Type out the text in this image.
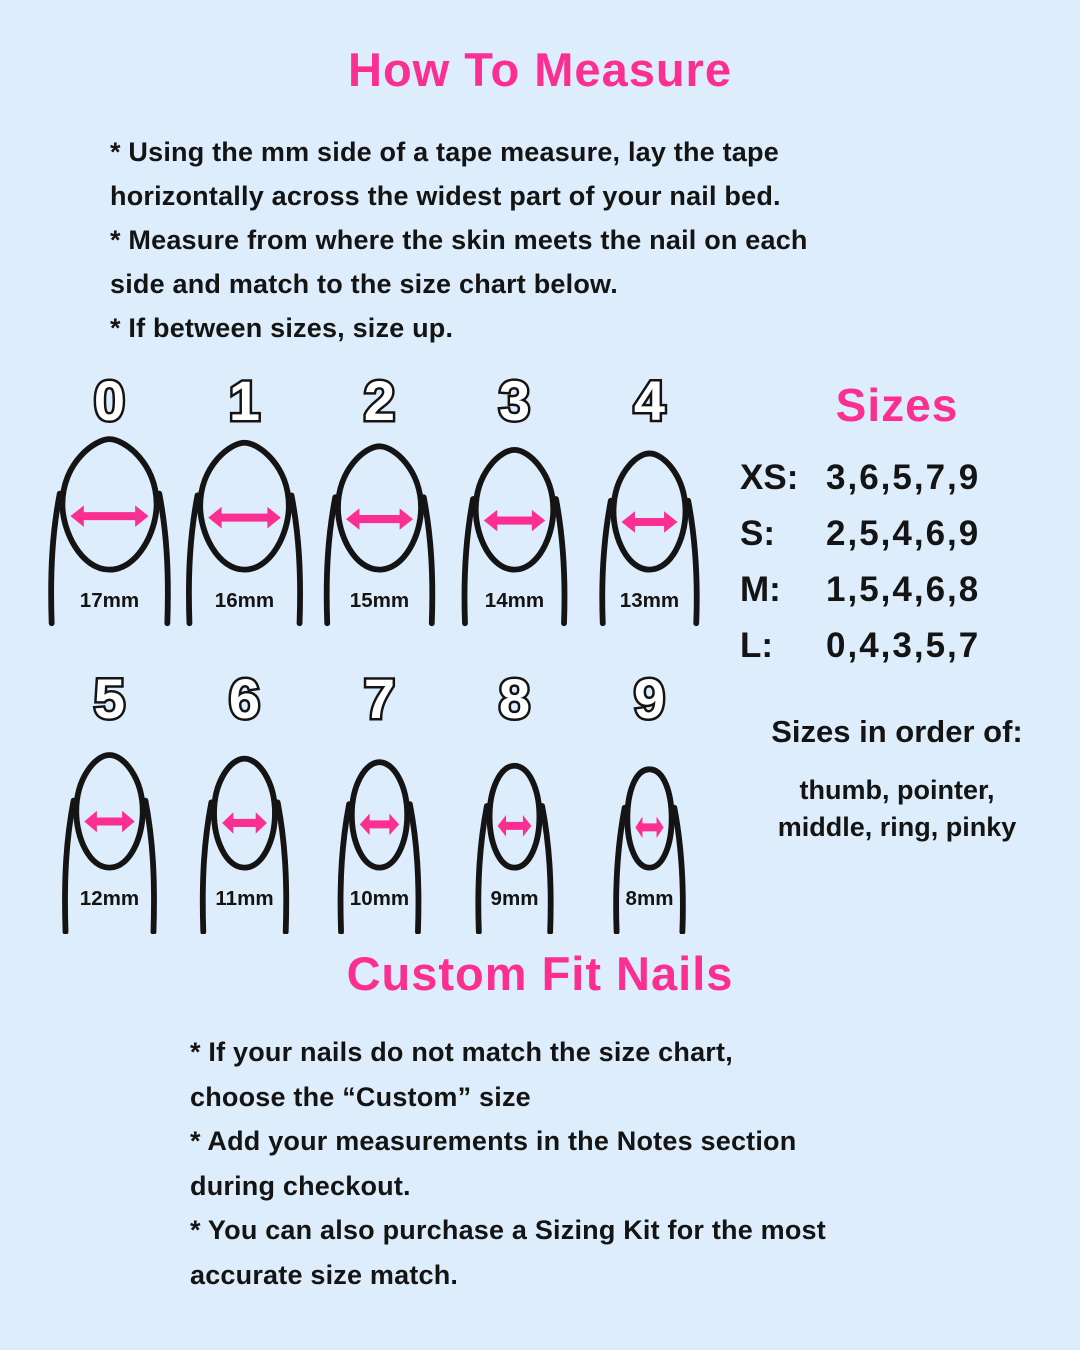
How To Measure
* Using the mm side of a tape measure, lay the tape
horizontally across the widest part of your nail bed.
* Measure from where the skin meets the nail on each
side and match to the size chart below.
* If between sizes, size up.
0
17mm
1
16mm
2
15mm
3
14mm
4
13mm
5
12mm
6
11mm
7
10mm
8
9mm
9
8mm
Sizes
XS: 3,6,5,7,9
S:	2,5,4,6,9
M:	1,5,4,6,8
L:	0,4,3,5,7
Sizes in order of:
thumb, pointer,
middle, ring, pinky
Custom Fit Nails
* If your nails do not match the size chart,
choose the “Custom” size
* Add your measurements in the Notes section
during checkout.
* You can also purchase a Sizing Kit for the most
accurate size match.
